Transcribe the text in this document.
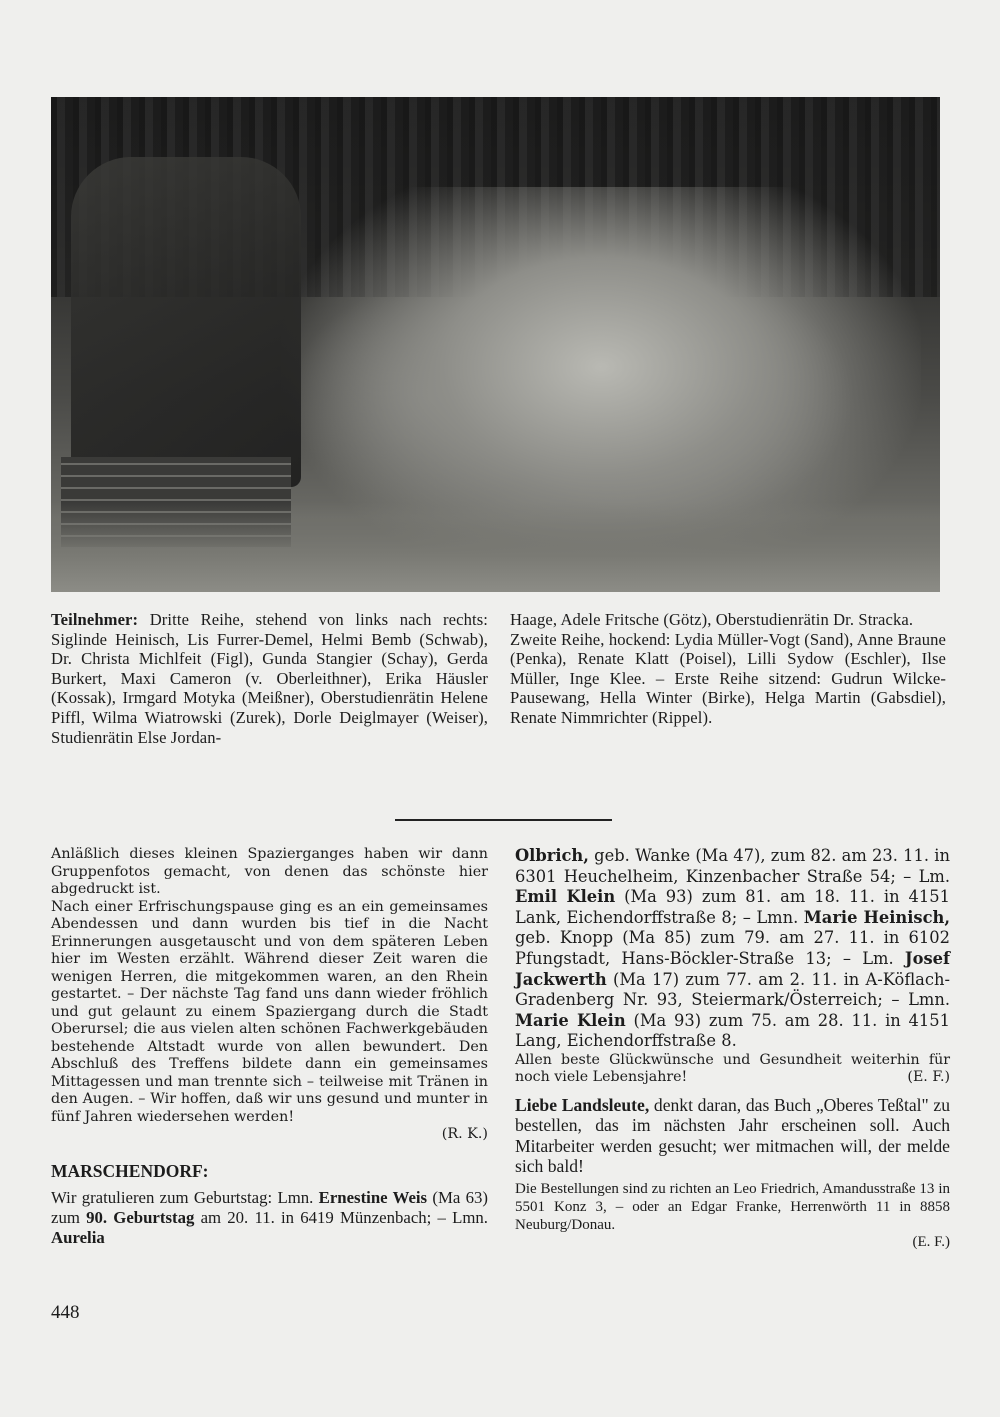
Teilnehmer: Dritte Reihe, stehend von links nach rechts: Siglinde Heinisch, Lis Furrer-Demel, Helmi Bemb (Schwab), Dr. Christa Michlfeit (Figl), Gunda Stangier (Schay), Gerda Burkert, Maxi Cameron (v. Oberleithner), Erika Häusler (Kossak), Irmgard Motyka (Meißner), Oberstudienrätin Helene Piffl, Wilma Wiatrowski (Zurek), Dorle Deiglmayer (Weiser), Studienrätin Else Jordan-

Haage, Adele Fritsche (Götz), Oberstudienrätin Dr. Stracka.

Zweite Reihe, hockend: Lydia Müller-Vogt (Sand), Anne Braune (Penka), Renate Klatt (Poisel), Lilli Sydow (Eschler), Ilse Müller, Inge Klee. – Erste Reihe sitzend: Gudrun Wilcke-Pausewang, Hella Winter (Birke), Helga Martin (Gabsdiel), Renate Nimmrichter (Rippel).

Anläßlich dieses kleinen Spazierganges haben wir dann Gruppenfotos gemacht, von denen das schönste hier abgedruckt ist.

Nach einer Erfrischungspause ging es an ein gemeinsames Abendessen und dann wurden bis tief in die Nacht Erinnerungen ausgetauscht und von dem späteren Leben hier im Westen erzählt. Während dieser Zeit waren die wenigen Herren, die mitgekommen waren, an den Rhein gestartet. – Der nächste Tag fand uns dann wieder fröhlich und gut gelaunt zu einem Spaziergang durch die Stadt Oberursel; die aus vielen alten schönen Fachwerkgebäuden bestehende Altstadt wurde von allen bewundert. Den Abschluß des Treffens bildete dann ein gemeinsames Mittagessen und man trennte sich – teilweise mit Tränen in den Augen. – Wir hoffen, daß wir uns gesund und munter in fünf Jahren wiedersehen werden!

(R. K.)

MARSCHENDORF:

Wir gratulieren zum Geburtstag: Lmn. Ernestine Weis (Ma 63) zum 90. Geburtstag am 20. 11. in 6419 Münzenbach; – Lmn. Aurelia

Olbrich, geb. Wanke (Ma 47), zum 82. am 23. 11. in 6301 Heuchelheim, Kinzenbacher Straße 54; – Lm. Emil Klein (Ma 93) zum 81. am 18. 11. in 4151 Lank, Eichendorffstraße 8; – Lmn. Marie Heinisch, geb. Knopp (Ma 85) zum 79. am 27. 11. in 6102 Pfungstadt, Hans-Böckler-Straße 13; – Lm. Josef Jackwerth (Ma 17) zum 77. am 2. 11. in A-Köflach-Gradenberg Nr. 93, Steiermark/Österreich; – Lmn. Marie Klein (Ma 93) zum 75. am 28. 11. in 4151 Lang, Eichendorffstraße 8.

Allen beste Glückwünsche und Gesundheit weiterhin für noch viele Lebensjahre!	(E. F.)

Liebe Landsleute, denkt daran, das Buch „Oberes Teßtal" zu bestellen, das im nächsten Jahr erscheinen soll. Auch Mitarbeiter werden gesucht; wer mitmachen will, der melde sich bald!

Die Bestellungen sind zu richten an Leo Friedrich, Amandusstraße 13 in 5501 Konz 3, – oder an Edgar Franke, Herrenwörth 11 in 8858 Neuburg/Donau.

(E. F.)

448
